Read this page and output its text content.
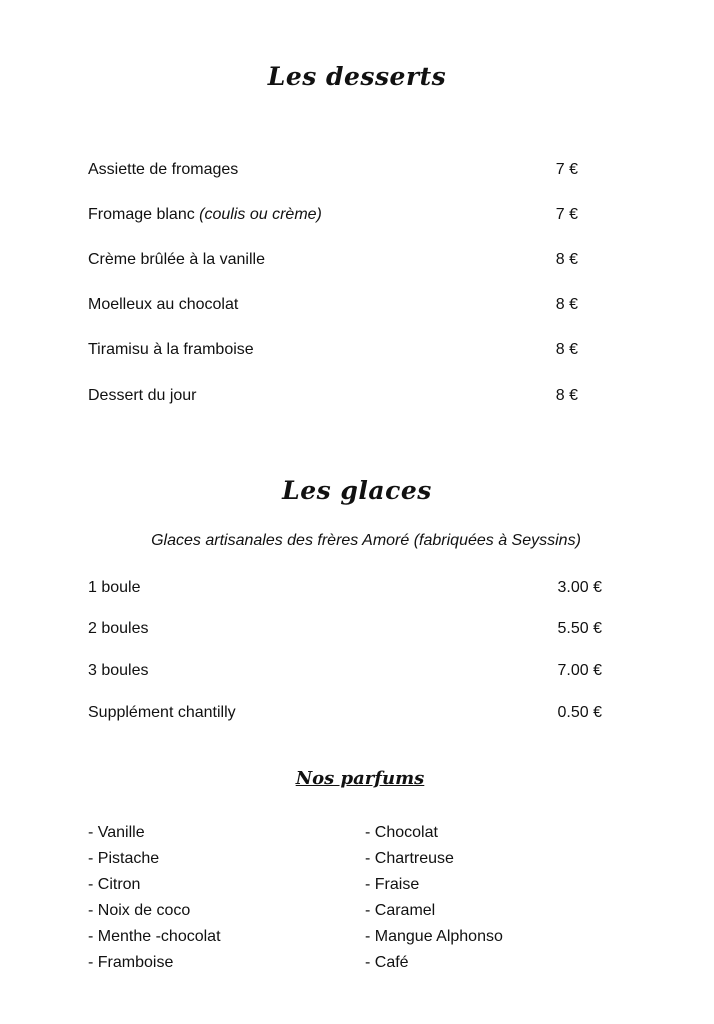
Les desserts
Assiette de fromages	7 €
Fromage blanc (coulis ou crème)	7 €
Crème brûlée à la vanille	8 €
Moelleux au chocolat	8 €
Tiramisu à la framboise	8 €
Dessert du jour	8 €
Les glaces
Glaces artisanales des frères Amoré (fabriquées à Seyssins)
1 boule	3.00 €
2 boules	5.50 €
3 boules	7.00 €
Supplément chantilly	0.50 €
Nos parfums
- Vanille
- Pistache
- Citron
- Noix de coco
- Menthe -chocolat
- Framboise
- Chocolat
- Chartreuse
- Fraise
- Caramel
- Mangue Alphonso
- Café
